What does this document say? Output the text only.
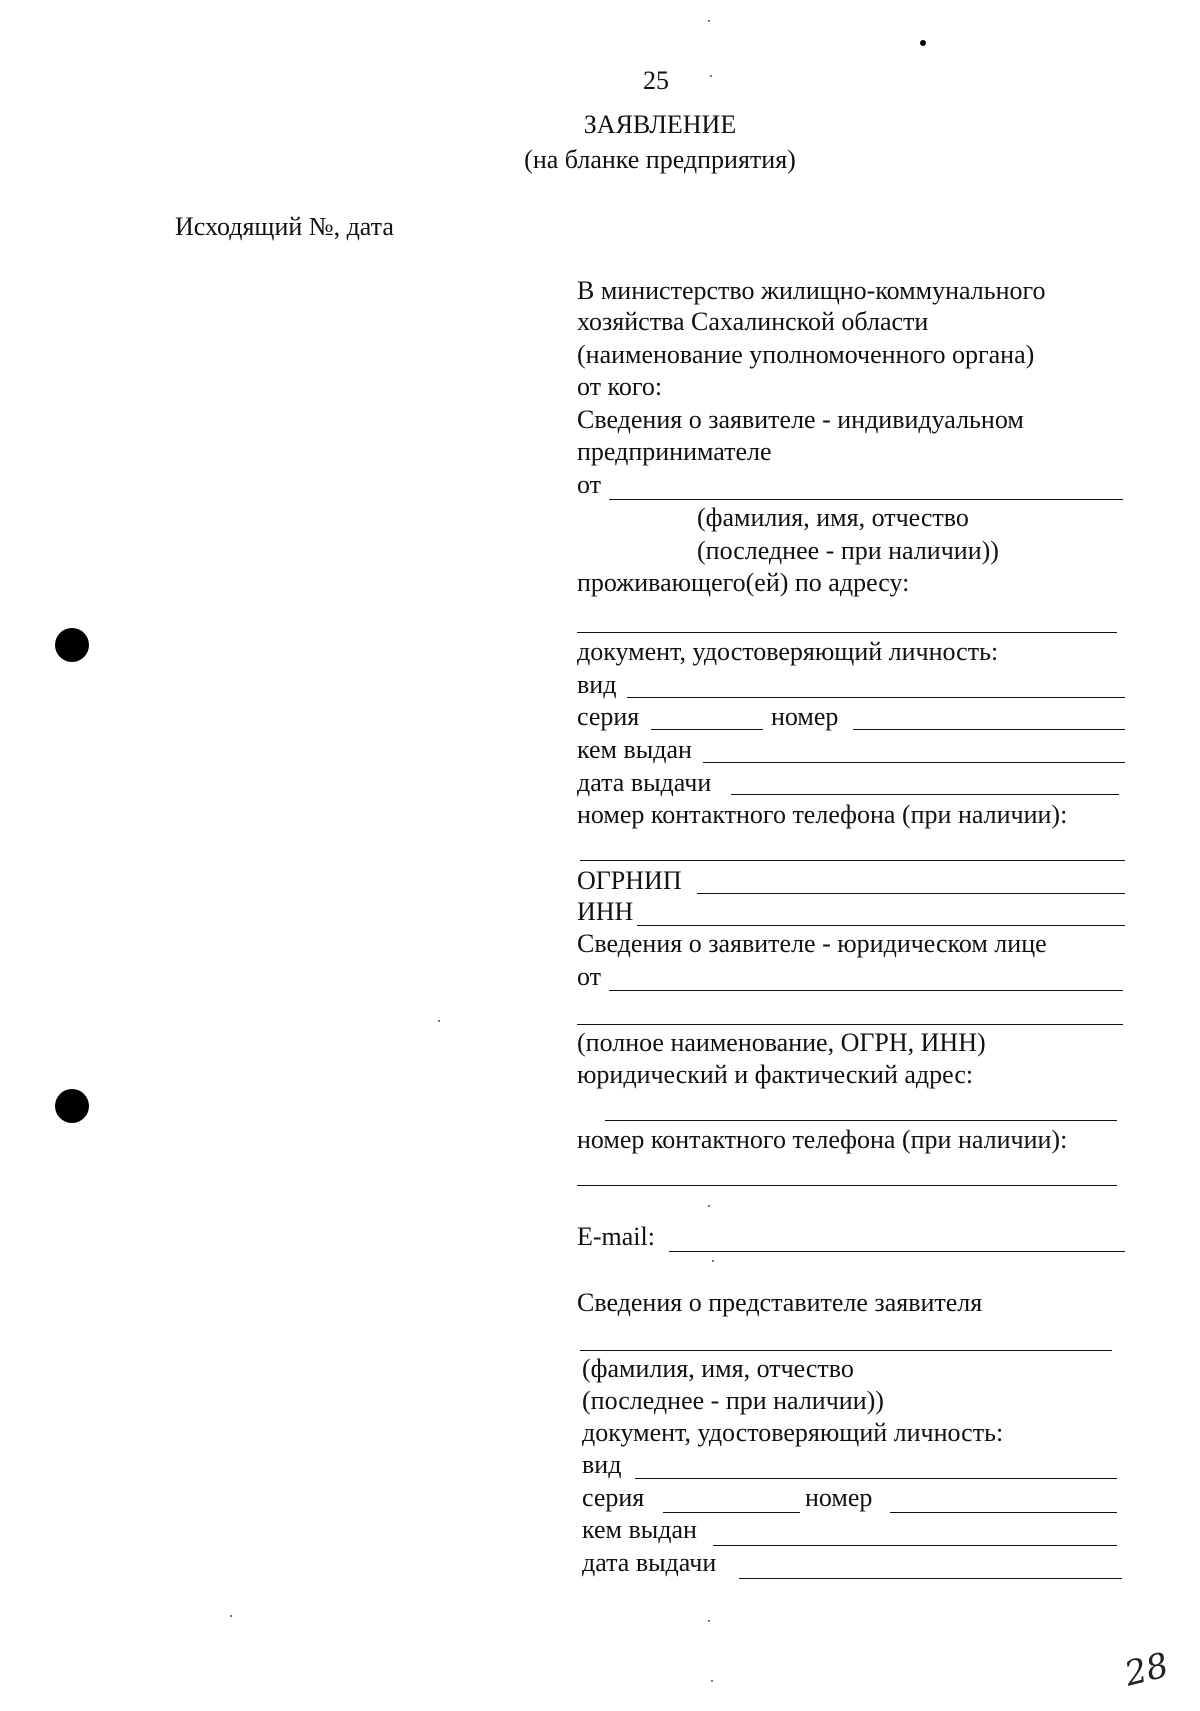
25
ЗАЯВЛЕНИЕ
(на бланке предприятия)
Исходящий №, дата
В министерство жилищно-коммунального
хозяйства Сахалинской области
(наименование уполномоченного органа)
от кого:
Сведения о заявителе - индивидуальном
предпринимателе
от
(фамилия, имя, отчество
(последнее - при наличии))
проживающего(ей) по адресу:
документ, удостоверяющий личность:
вид
серия	номер
кем выдан
дата выдачи
номер контактного телефона (при наличии):
ОГРНИП
ИНН
Сведения о заявителе - юридическом лице
от
(полное наименование, ОГРН, ИНН)
юридический и фактический адрес:
номер контактного телефона (при наличии):
E-mail:
Сведения о представителе заявителя
(фамилия, имя, отчество
(последнее - при наличии))
документ, удостоверяющий личность:
вид
серия	номер
кем выдан
дата выдачи
28
